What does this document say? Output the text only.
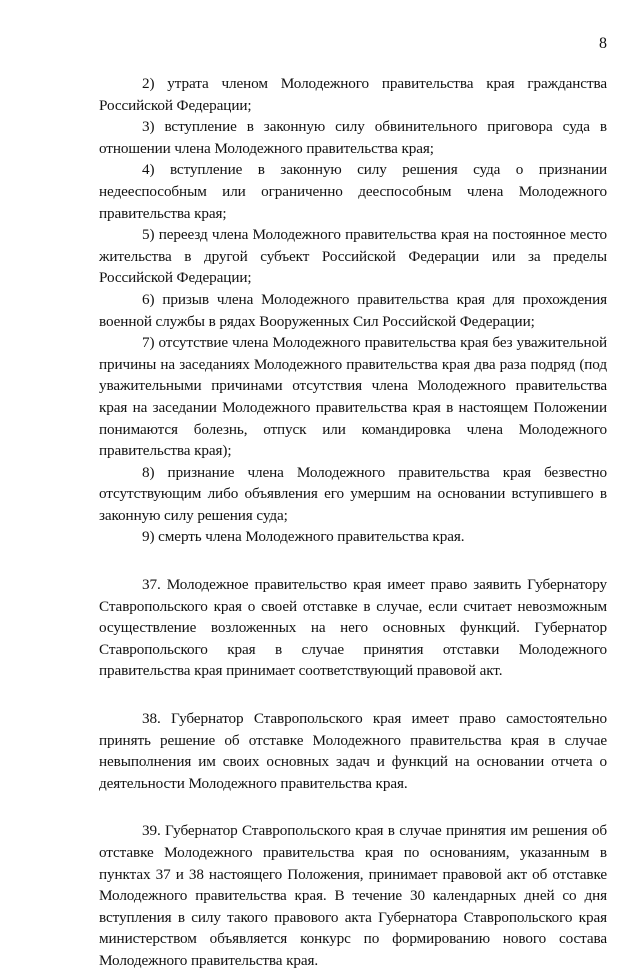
8

2) утрата членом Молодежного правительства края гражданства Российской Федерации;

3) вступление в законную силу обвинительного приговора суда в отношении члена Молодежного правительства края;

4) вступление в законную силу решения суда о признании недееспособным или ограниченно дееспособным члена Молодежного правительства края;

5) переезд члена Молодежного правительства края на постоянное место жительства в другой субъект Российской Федерации или за пределы Российской Федерации;

6) призыв члена Молодежного правительства края для прохождения военной службы в рядах Вооруженных Сил Российской Федерации;

7) отсутствие члена Молодежного правительства края без уважительной причины на заседаниях Молодежного правительства края два раза подряд (под уважительными причинами отсутствия члена Молодежного правительства края на заседании Молодежного правительства края в настоящем Положении понимаются болезнь, отпуск или командировка члена Молодежного правительства края);

8) признание члена Молодежного правительства края безвестно отсутствующим либо объявления его умершим на основании вступившего в законную силу решения суда;

9) смерть члена Молодежного правительства края.

37. Молодежное правительство края имеет право заявить Губернатору Ставропольского края о своей отставке в случае, если считает невозможным осуществление возложенных на него основных функций. Губернатор Ставропольского края в случае принятия отставки Молодежного правительства края принимает соответствующий правовой акт.

38. Губернатор Ставропольского края имеет право самостоятельно принять решение об отставке Молодежного правительства края в случае невыполнения им своих основных задач и функций на основании отчета о деятельности Молодежного правительства края.

39. Губернатор Ставропольского края в случае принятия им решения об отставке Молодежного правительства края по основаниям, указанным в пунктах 37 и 38 настоящего Положения, принимает правовой акт об отставке Молодежного правительства края. В течение 30 календарных дней со дня вступления в силу такого правового акта Губернатора Ставропольского края министерством объявляется конкурс по формированию нового состава Молодежного правительства края.
